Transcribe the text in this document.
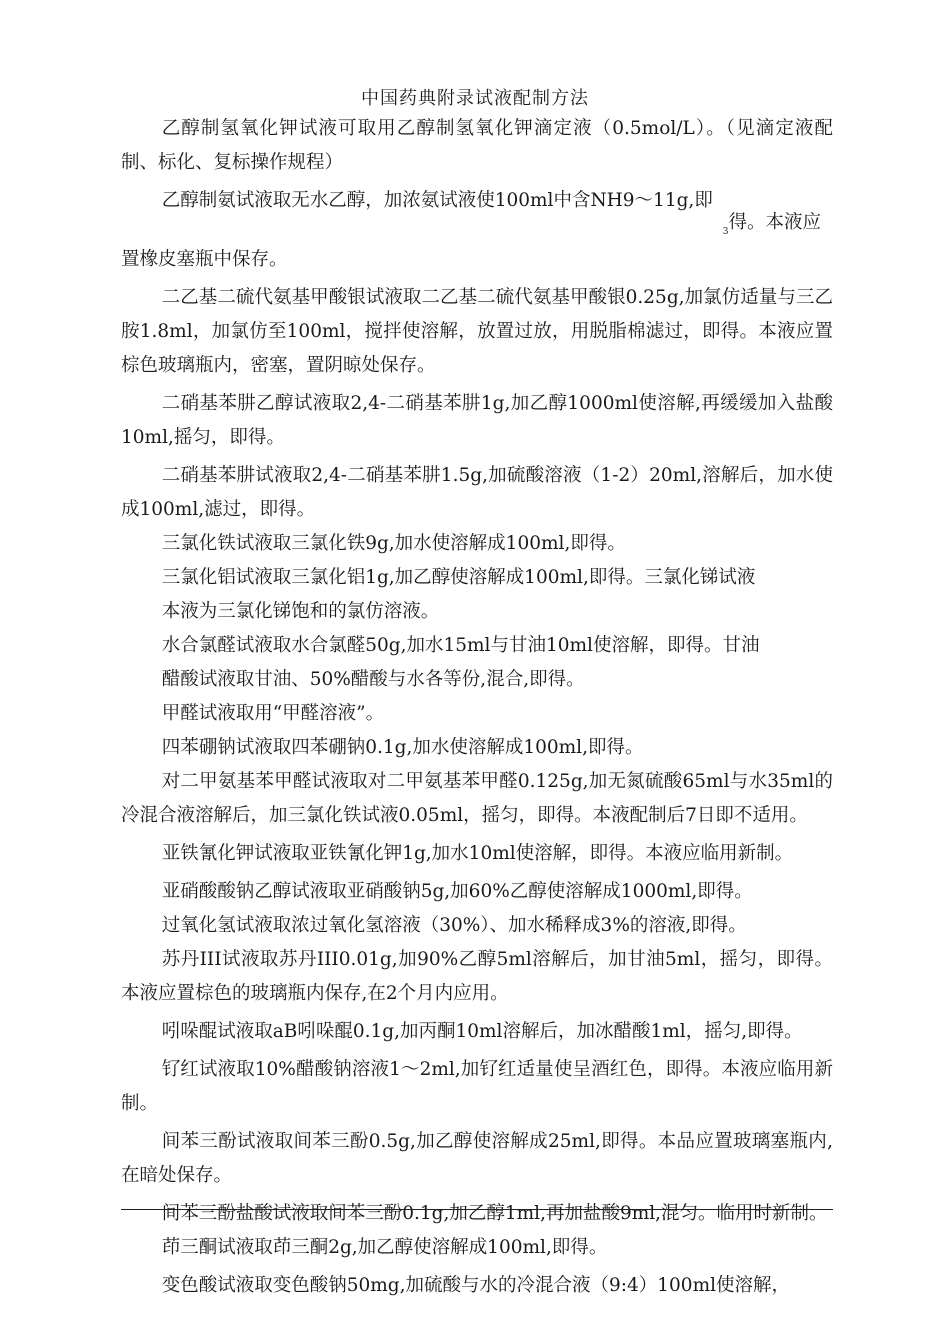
中国药典附录试液配制方法
乙醇制氢氧化钾试液可取用乙醇制氢氧化钾滴定液（0.5mol/L）。（见滴定液配制、标化、复标操作规程）
乙醇制氨试液取无水乙醇，加浓氨试液使100ml中含NH9～11g,即
$_3$得。本液应
置橡皮塞瓶中保存。
二乙基二硫代氨基甲酸银试液取二乙基二硫代氨基甲酸银0.25g,加氯仿适量与三乙胺1.8ml，加氯仿至100ml，搅拌使溶解，放置过放，用脱脂棉滤过，即得。本液应置棕色玻璃瓶内，密塞，置阴晾处保存。
二硝基苯肼乙醇试液取2,4-二硝基苯肼1g,加乙醇1000ml使溶解,再缓缓加入盐酸10ml,摇匀，即得。
二硝基苯肼试液取2,4-二硝基苯肼1.5g,加硫酸溶液（1-2）20ml,溶解后，加水使成100ml,滤过，即得。
三氯化铁试液取三氯化铁9g,加水使溶解成100ml,即得。
三氯化铝试液取三氯化铝1g,加乙醇使溶解成100ml,即得。三氯化锑试液
本液为三氯化锑饱和的氯仿溶液。
水合氯醛试液取水合氯醛50g,加水15ml与甘油10ml使溶解，即得。甘油
醋酸试液取甘油、50%醋酸与水各等份,混合,即得。
甲醛试液取用“甲醛溶液”。
四苯硼钠试液取四苯硼钠0.1g,加水使溶解成100ml,即得。
对二甲氨基苯甲醛试液取对二甲氨基苯甲醛0.125g,加无氮硫酸65ml与水35ml的冷混合液溶解后，加三氯化铁试液0.05ml，摇匀，即得。本液配制后7日即不适用。
亚铁氰化钾试液取亚铁氰化钾1g,加水10ml使溶解，即得。本液应临用新制。
亚硝酸酸钠乙醇试液取亚硝酸钠5g,加60%乙醇使溶解成1000ml,即得。
过氧化氢试液取浓过氧化氢溶液（30%）、加水稀释成3%的溶液,即得。
苏丹III试液取苏丹III0.01g,加90%乙醇5ml溶解后，加甘油5ml，摇匀，即得。本液应置棕色的玻璃瓶内保存,在2个月内应用。
吲哚醌试液取aB吲哚醌0.1g,加丙酮10ml溶解后，加冰醋酸1ml，摇匀,即得。
钌红试液取10%醋酸钠溶液1～2ml,加钌红适量使呈酒红色，即得。本液应临用新制。
间苯三酚试液取间苯三酚0.5g,加乙醇使溶解成25ml,即得。本品应置玻璃塞瓶内,在暗处保存。
间苯三酚盐酸试液取间苯三酚0.1g,加乙醇1ml,再加盐酸9ml,混匀。临用时新制。
茚三酮试液取茚三酮2g,加乙醇使溶解成100ml,即得。
变色酸试液取变色酸钠50mg,加硫酸与水的冷混合液（9:4）100ml使溶解，
